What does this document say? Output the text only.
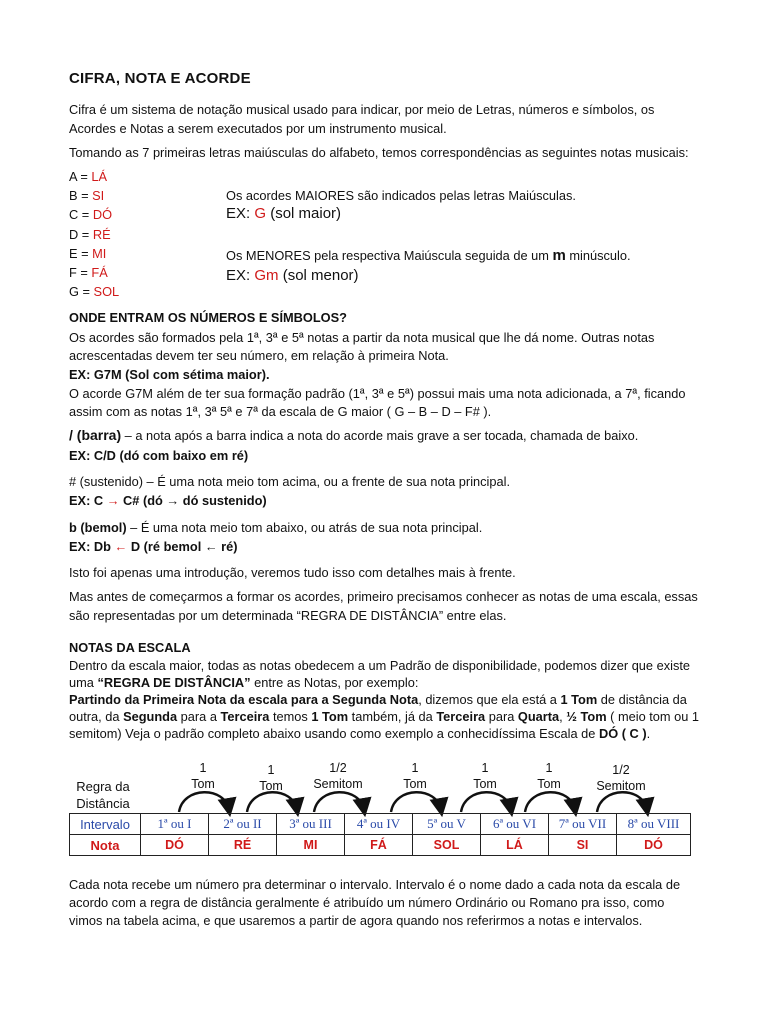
CIFRA, NOTA E ACORDE
Cifra é um sistema de notação musical usado para indicar, por meio de Letras, números e símbolos, os
Acordes e Notas a serem executados por um instrumento musical.
Tomando as 7 primeiras letras maiúsculas do alfabeto, temos correspondências as seguintes notas musicais:
A = LÁ
B = SI
C = DÓ
D = RÉ
E = MI
F = FÁ
G = SOL
Os acordes MAIORES são indicados pelas letras Maiúsculas.
EX: G (sol maior)
Os MENORES pela respectiva Maiúscula seguida de um m minúsculo.
EX: Gm (sol menor)
ONDE ENTRAM OS NÚMEROS E SÍMBOLOS?
Os acordes são formados pela 1ª, 3ª e 5ª notas a partir da nota musical que lhe dá nome. Outras notas
acrescentadas devem ter seu número, em relação à primeira Nota.
EX: G7M (Sol com sétima maior).
O acorde G7M além de ter sua formação padrão (1ª, 3ª e 5ª) possui mais uma nota adicionada, a 7ª, ficando
assim com as notas 1ª, 3ª 5ª e 7ª da escala de G maior ( G – B – D – F# ).
/ (barra) – a nota após a barra indica a nota do acorde mais grave a ser tocada, chamada de baixo.
EX: C/D (dó com baixo em ré)
# (sustenido) – É uma nota meio tom acima, ou a frente de sua nota principal.
EX: C → C# (dó → dó sustenido)
b (bemol) – É uma nota meio tom abaixo, ou atrás de sua nota principal.
EX: Db ← D (ré bemol ← ré)
Isto foi apenas uma introdução, veremos tudo isso com detalhes mais à frente.
Mas antes de começarmos a formar os acordes, primeiro precisamos conhecer as notas de uma escala, essas
são representadas por um determinada “REGRA DE DISTÂNCIA” entre elas.
NOTAS DA ESCALA
Dentro da escala maior, todas as notas obedecem a um Padrão de disponibilidade, podemos dizer que existe
uma “REGRA DE DISTÂNCIA” entre as Notas, por exemplo:
Partindo da Primeira Nota da escala para a Segunda Nota, dizemos que ela está a 1 Tom de distância da
outra, da Segunda para a Terceira temos 1 Tom também, já da Terceira para Quarta, ½ Tom ( meio tom ou 1
semitom) Veja o padrão completo abaixo usando como exemplo a conhecidíssima Escala de DÓ ( C ).
Regra da
Distância
1
Tom
1
Tom
1/2
Semitom
1
Tom
1
Tom
1
Tom
1/2
Semitom
Intervalo	1ª ou I	2ª ou II	3ª ou III	4ª ou IV	5ª ou V	6ª ou VI	7ª ou VII	8ª ou VIII
Nota	DÓ	RÉ	MI	FÁ	SOL	LÁ	SI	DÓ
Cada nota recebe um número pra determinar o intervalo. Intervalo é o nome dado a cada nota da escala de
acordo com a regra de distância geralmente é atribuído um número Ordinário ou Romano pra isso, como
vimos na tabela acima, e que usaremos a partir de agora quando nos referirmos a notas e intervalos.
